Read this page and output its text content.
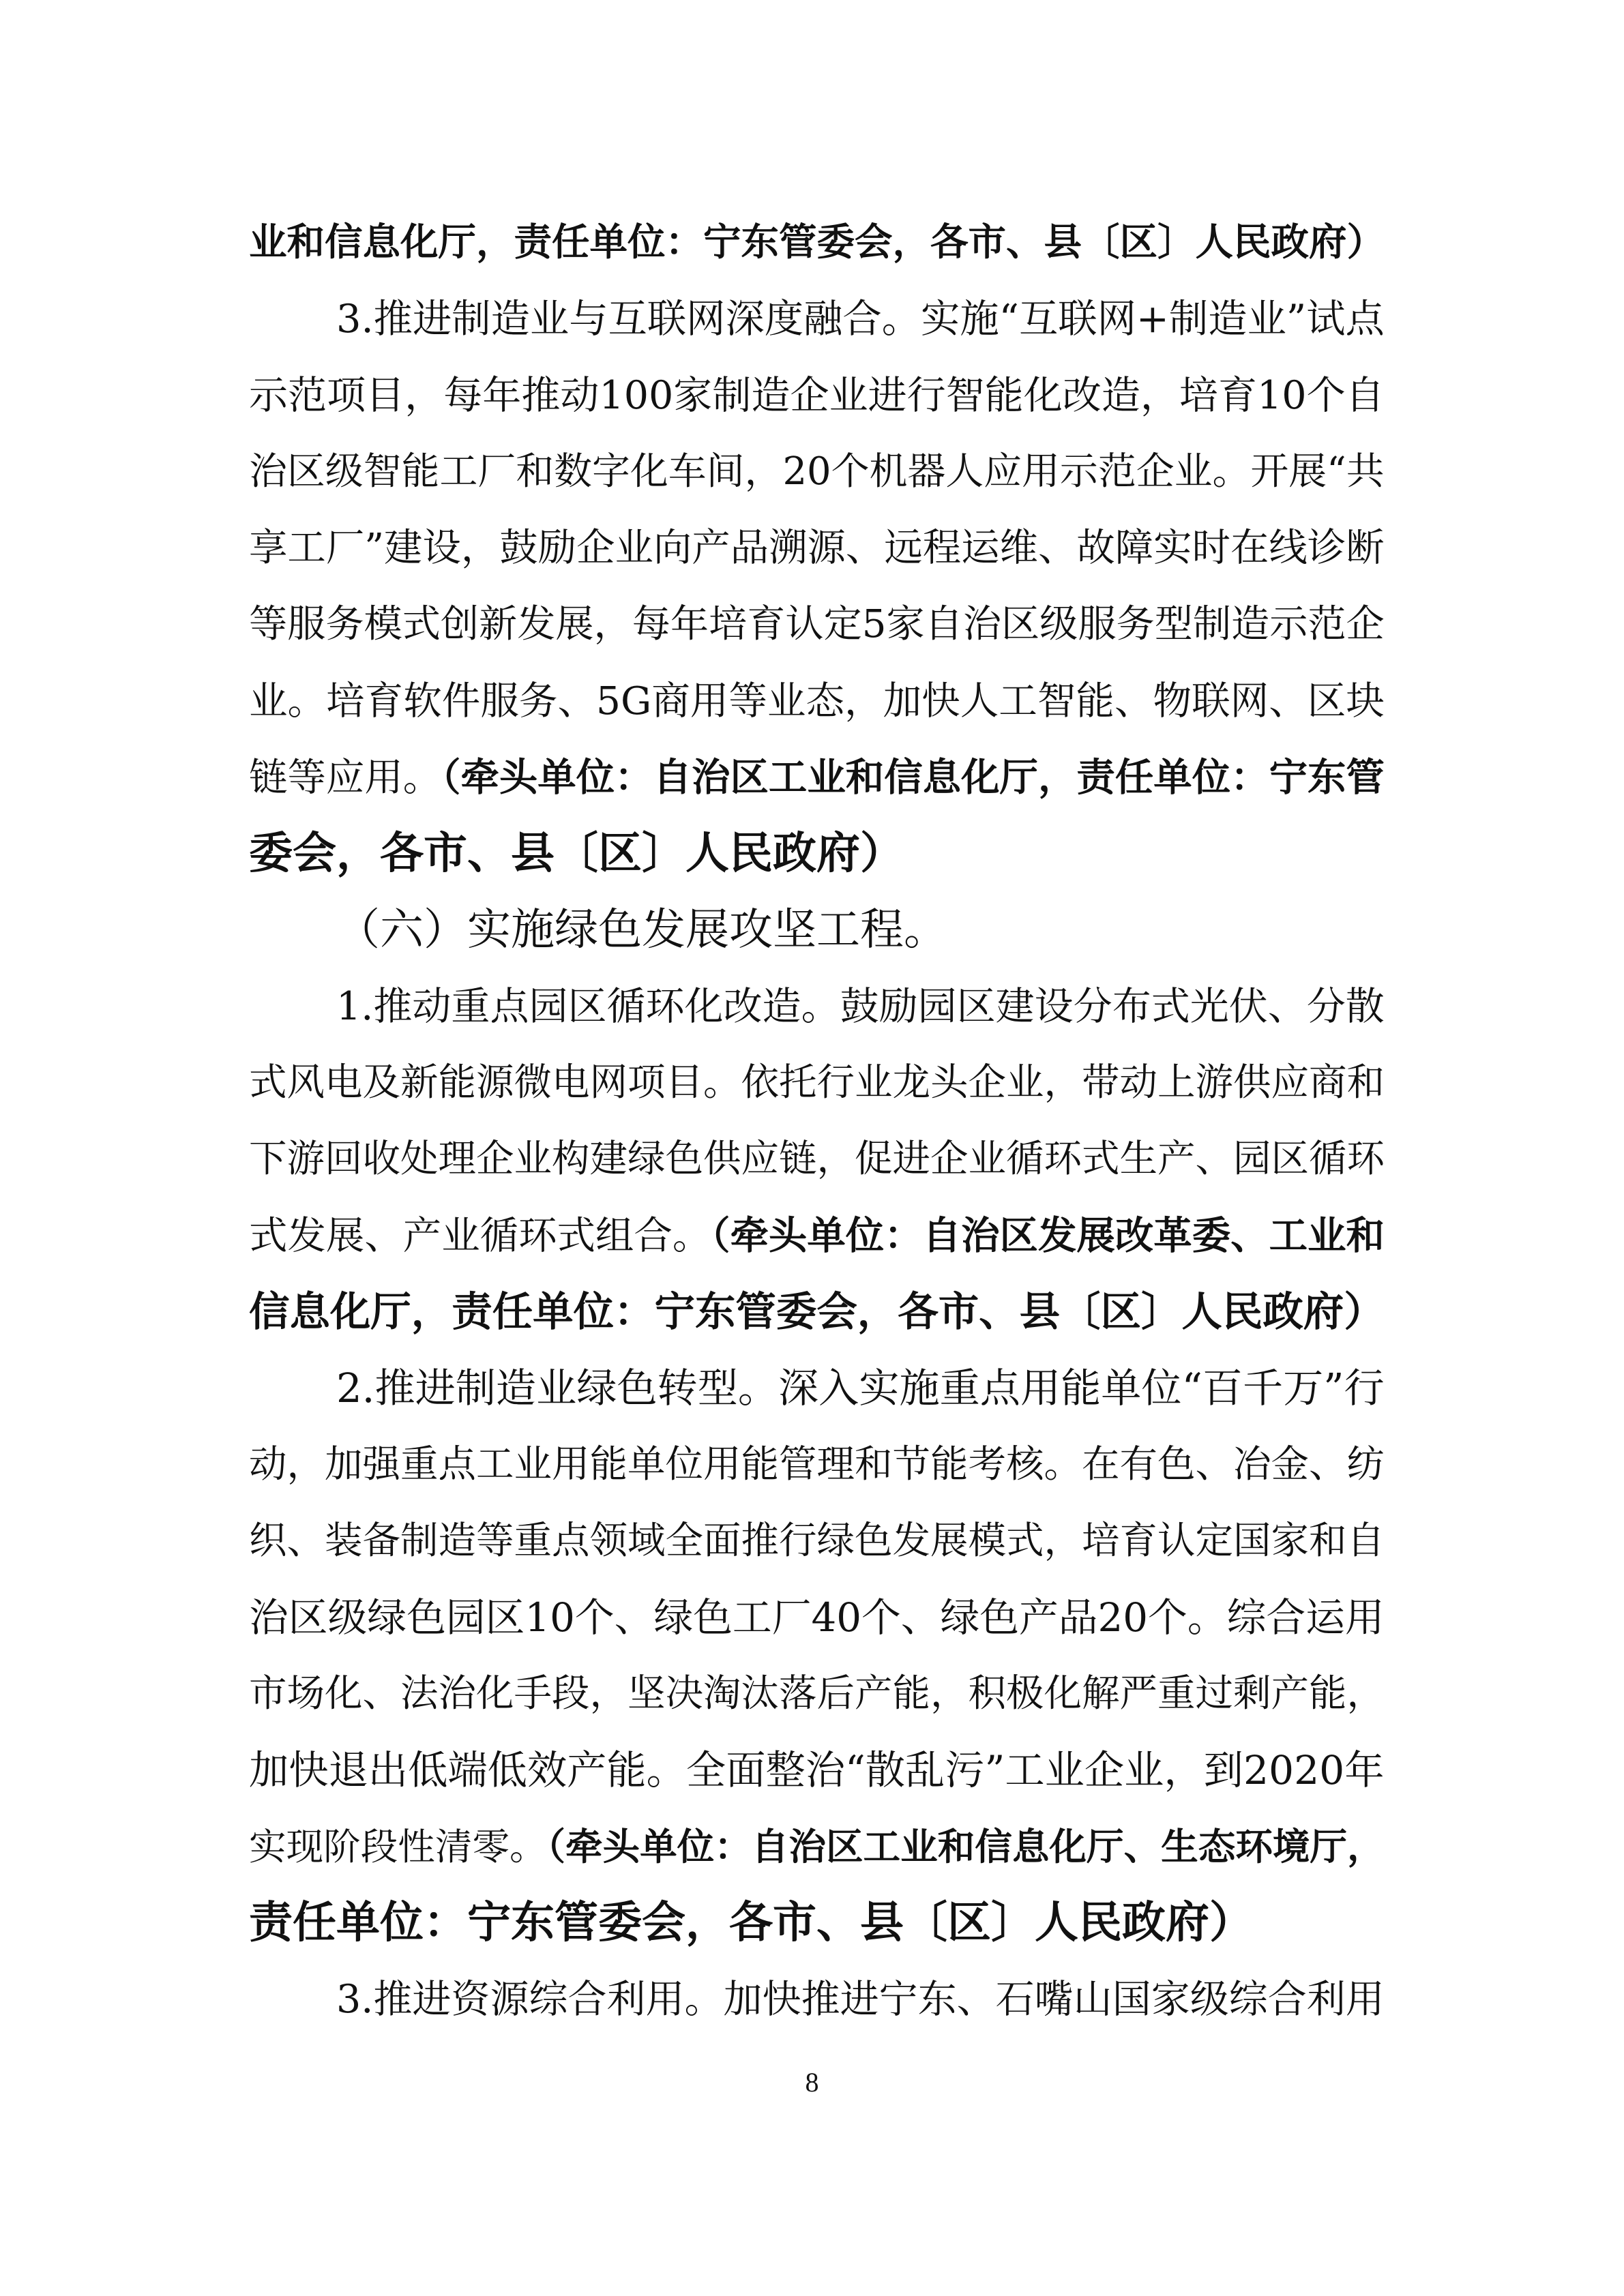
业和信息化厅，责任单位：宁东管委会，各市、县〔区〕人民政府）
3.推进制造业与互联网深度融合。实施“互联网+制造业”试点
示范项目，每年推动100家制造企业进行智能化改造，培育10个自
治区级智能工厂和数字化车间，20个机器人应用示范企业。开展“共
享工厂”建设，鼓励企业向产品溯源、远程运维、故障实时在线诊断
等服务模式创新发展，每年培育认定5家自治区级服务型制造示范企
业。培育软件服务、5G商用等业态，加快人工智能、物联网、区块
链等应用。（牵头单位：自治区工业和信息化厅，责任单位：宁东管
委会，各市、县〔区〕人民政府）
（六）实施绿色发展攻坚工程。
1.推动重点园区循环化改造。鼓励园区建设分布式光伏、分散
式风电及新能源微电网项目。依托行业龙头企业，带动上游供应商和
下游回收处理企业构建绿色供应链，促进企业循环式生产、园区循环
式发展、产业循环式组合。（牵头单位：自治区发展改革委、工业和
信息化厅，责任单位：宁东管委会，各市、县〔区〕人民政府）
2.推进制造业绿色转型。深入实施重点用能单位“百千万”行
动，加强重点工业用能单位用能管理和节能考核。在有色、冶金、纺
织、装备制造等重点领域全面推行绿色发展模式，培育认定国家和自
治区级绿色园区10个、绿色工厂40个、绿色产品20个。综合运用
市场化、法治化手段，坚决淘汰落后产能，积极化解严重过剩产能，
加快退出低端低效产能。全面整治“散乱污”工业企业，到2020年
实现阶段性清零。（牵头单位：自治区工业和信息化厅、生态环境厅，
责任单位：宁东管委会，各市、县〔区〕人民政府）
3.推进资源综合利用。加快推进宁东、石嘴山国家级综合利用
8
